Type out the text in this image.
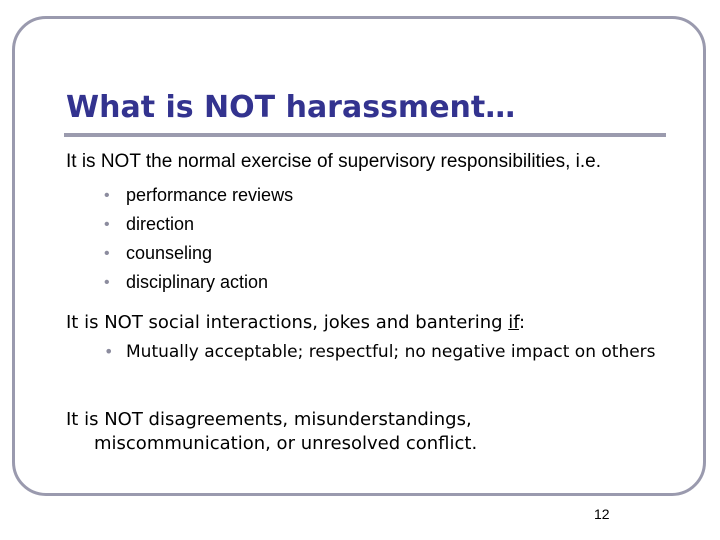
What is NOT harassment…

It is NOT the normal exercise of supervisory responsibilities, i.e.

• performance reviews
• direction
• counseling
• disciplinary action

It is NOT social interactions, jokes and bantering if:

• Mutually acceptable; respectful; no negative impact on others

It is NOT disagreements, misunderstandings,
miscommunication, or unresolved conflict.

12
